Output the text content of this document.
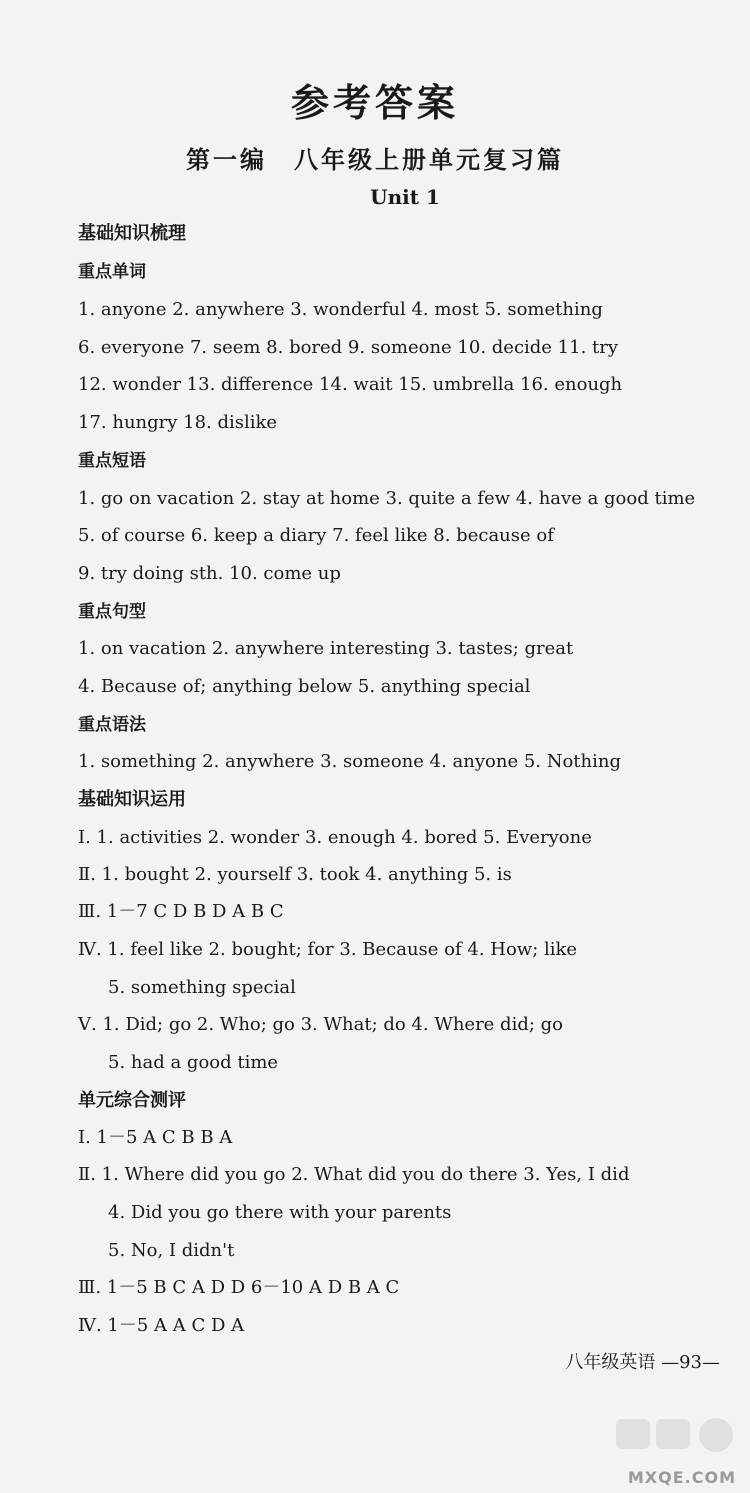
参考答案
第一编　八年级上册单元复习篇
Unit 1
基础知识梳理
重点单词
1. anyone 2. anywhere 3. wonderful 4. most 5. something
6. everyone 7. seem 8. bored 9. someone 10. decide 11. try
12. wonder 13. difference 14. wait 15. umbrella 16. enough
17. hungry 18. dislike
重点短语
1. go on vacation 2. stay at home 3. quite a few 4. have a good time
5. of course 6. keep a diary 7. feel like 8. because of
9. try doing sth. 10. come up
重点句型
1. on vacation 2. anywhere interesting 3. tastes; great
4. Because of; anything below 5. anything special
重点语法
1. something 2. anywhere 3. someone 4. anyone 5. Nothing
基础知识运用
Ⅰ. 1. activities 2. wonder 3. enough 4. bored 5. Everyone
Ⅱ. 1. bought 2. yourself 3. took 4. anything 5. is
Ⅲ. 1－7 C D B D A B C
Ⅳ. 1. feel like 2. bought; for 3. Because of 4. How; like
5. something special
Ⅴ. 1. Did; go 2. Who; go 3. What; do 4. Where did; go
5. had a good time
单元综合测评
Ⅰ. 1－5 A C B B A
Ⅱ. 1. Where did you go 2. What did you do there 3. Yes, I did
4. Did you go there with your parents
5. No, I didn't
Ⅲ. 1－5 B C A D D 6－10 A D B A C
Ⅳ. 1－5 A A C D A
八年级英语 —93—
MXQE.COM
